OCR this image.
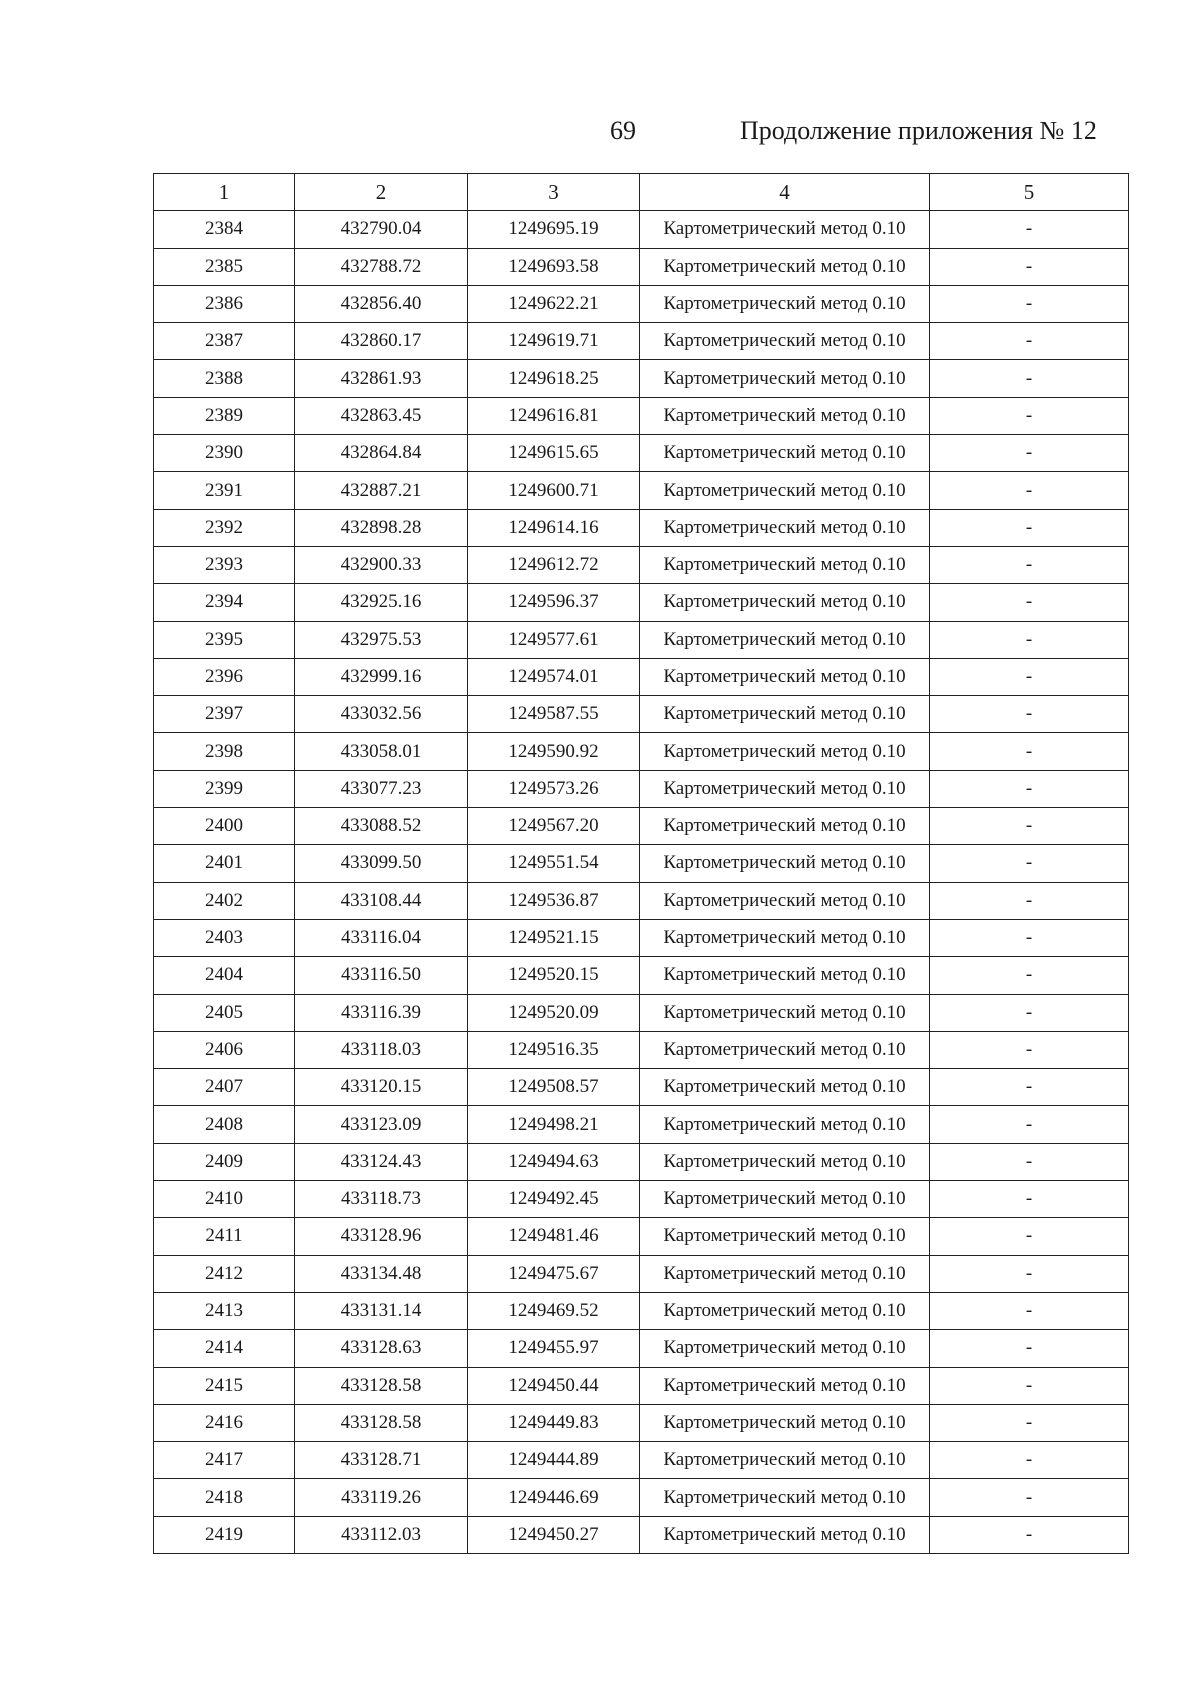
69	Продолжение приложения № 12
1	2	3	4	5
2384	432790.04	1249695.19	Картометрический метод 0.10	-
2385	432788.72	1249693.58	Картометрический метод 0.10	-
2386	432856.40	1249622.21	Картометрический метод 0.10	-
2387	432860.17	1249619.71	Картометрический метод 0.10	-
2388	432861.93	1249618.25	Картометрический метод 0.10	-
2389	432863.45	1249616.81	Картометрический метод 0.10	-
2390	432864.84	1249615.65	Картометрический метод 0.10	-
2391	432887.21	1249600.71	Картометрический метод 0.10	-
2392	432898.28	1249614.16	Картометрический метод 0.10	-
2393	432900.33	1249612.72	Картометрический метод 0.10	-
2394	432925.16	1249596.37	Картометрический метод 0.10	-
2395	432975.53	1249577.61	Картометрический метод 0.10	-
2396	432999.16	1249574.01	Картометрический метод 0.10	-
2397	433032.56	1249587.55	Картометрический метод 0.10	-
2398	433058.01	1249590.92	Картометрический метод 0.10	-
2399	433077.23	1249573.26	Картометрический метод 0.10	-
2400	433088.52	1249567.20	Картометрический метод 0.10	-
2401	433099.50	1249551.54	Картометрический метод 0.10	-
2402	433108.44	1249536.87	Картометрический метод 0.10	-
2403	433116.04	1249521.15	Картометрический метод 0.10	-
2404	433116.50	1249520.15	Картометрический метод 0.10	-
2405	433116.39	1249520.09	Картометрический метод 0.10	-
2406	433118.03	1249516.35	Картометрический метод 0.10	-
2407	433120.15	1249508.57	Картометрический метод 0.10	-
2408	433123.09	1249498.21	Картометрический метод 0.10	-
2409	433124.43	1249494.63	Картометрический метод 0.10	-
2410	433118.73	1249492.45	Картометрический метод 0.10	-
2411	433128.96	1249481.46	Картометрический метод 0.10	-
2412	433134.48	1249475.67	Картометрический метод 0.10	-
2413	433131.14	1249469.52	Картометрический метод 0.10	-
2414	433128.63	1249455.97	Картометрический метод 0.10	-
2415	433128.58	1249450.44	Картометрический метод 0.10	-
2416	433128.58	1249449.83	Картометрический метод 0.10	-
2417	433128.71	1249444.89	Картометрический метод 0.10	-
2418	433119.26	1249446.69	Картометрический метод 0.10	-
2419	433112.03	1249450.27	Картометрический метод 0.10	-
